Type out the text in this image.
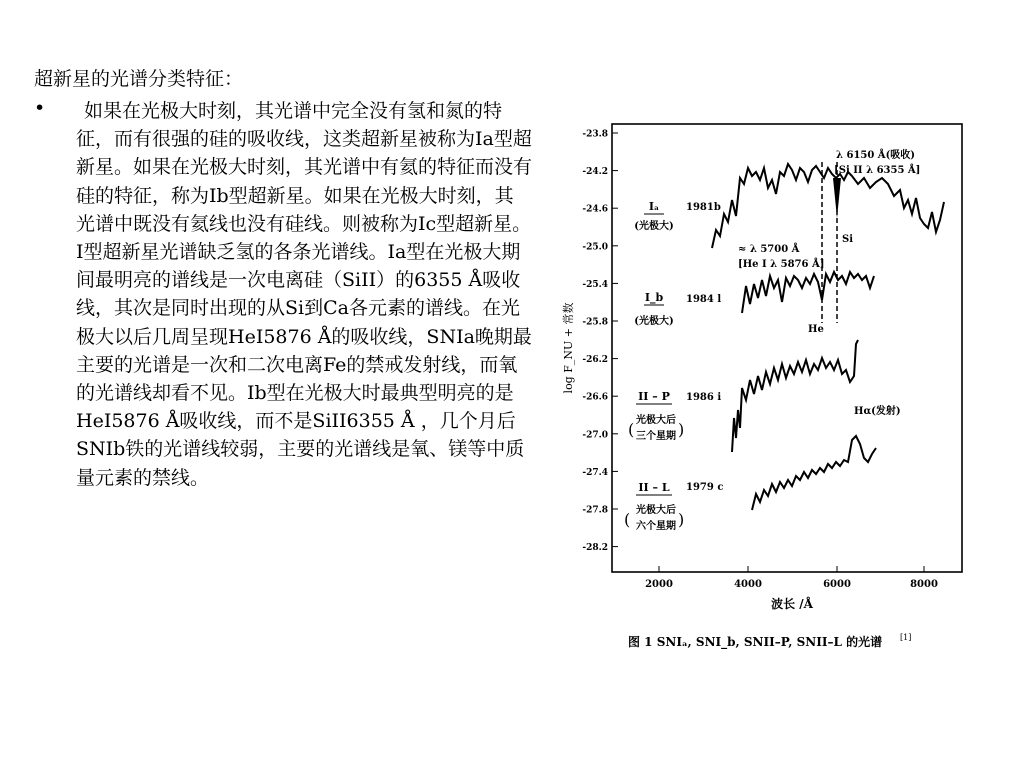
超新星的光谱分类特征：
•	如果在光极大时刻，其光谱中完全没有氢和氮的特征，而有很强的硅的吸收线，这类超新星被称为Ia型超新星。如果在光极大时刻，其光谱中有氦的特征而没有硅的特征，称为Ib型超新星。如果在光极大时刻，其光谱中既没有氦线也没有硅线。则被称为Ic型超新星。I型超新星光谱缺乏氢的各条光谱线。Ia型在光极大期间最明亮的谱线是一次电离硅（SiII）的6355 Å吸收线，其次是同时出现的从Si到Ca各元素的谱线。在光极大以后几周呈现HeI5876 Å的吸收线，SNIa晚期最主要的光谱是一次和二次电离Fe的禁戒发射线，而氧的光谱线却看不见。Ib型在光极大时最典型明亮的是HeI5876 Å吸收线，而不是SiII6355 Å ，几个月后SNIb铁的光谱线较弱，主要的光谱线是氧、镁等中质量元素的禁线。
-23.8
-24.2
-24.6
-25.0
-25.4
-25.8
-26.2
-26.6
-27.0
-27.4
-27.8
-28.2
2000	4000	6000	8000
log F_NU + 常数
波长 /Å
Iₐ
(光极大)
1981b
I_b
(光极大)
1984 l
II – P
( 光极大后
三个星期 )
1986 i
II – L
( 光极大后
六个星期 )
1979 c
λ 6150 Å(吸收)
[Si II λ 6355 Å]
Si
≈ λ 5700 Å
[He I λ 5876 Å]
He
Hα(发射)
图 1 SNIₐ, SNI_b, SNII–P, SNII–L 的光谱 [1]
